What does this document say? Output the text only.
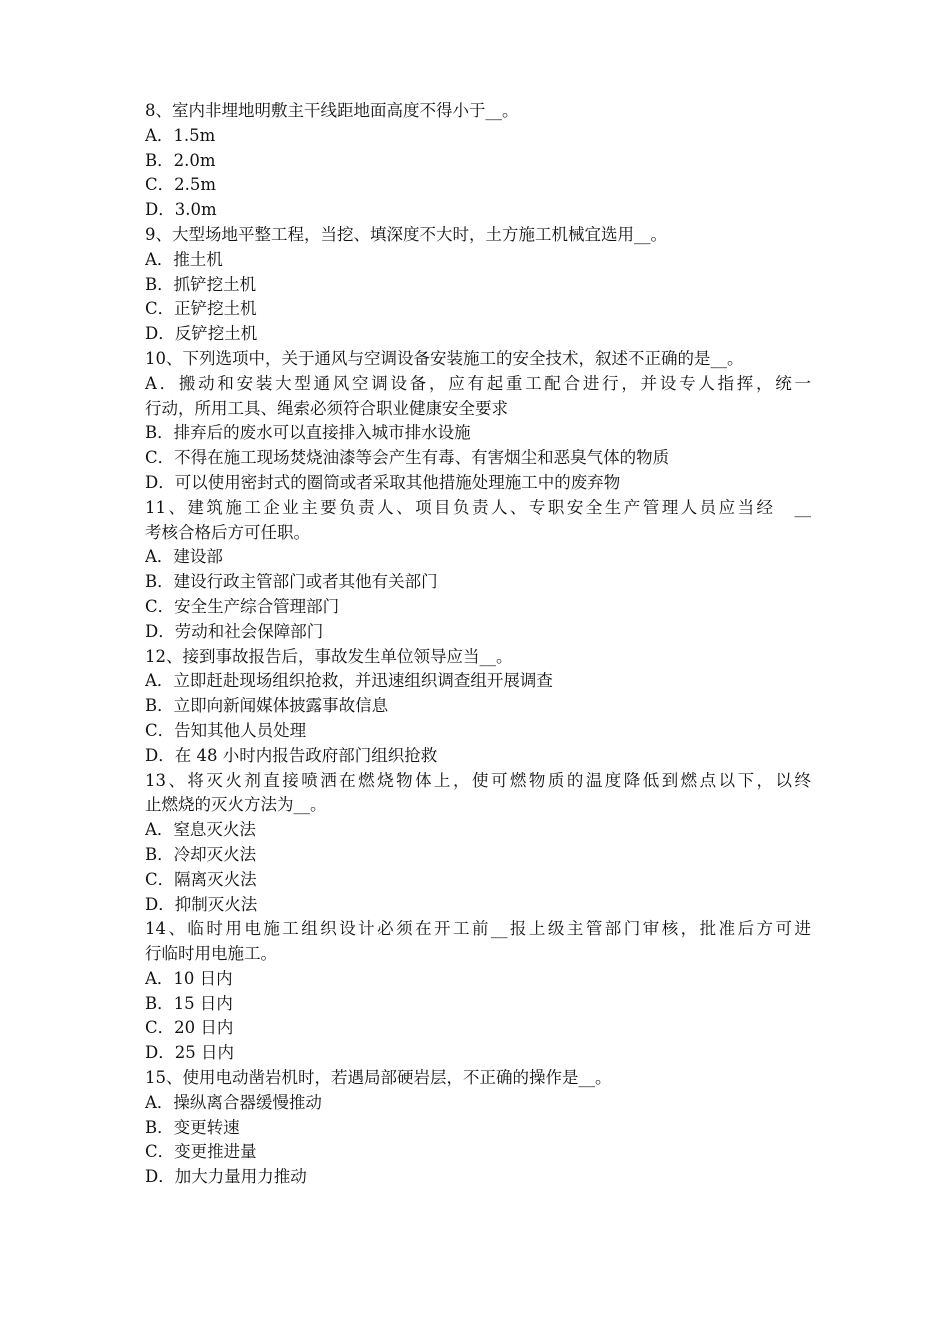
8、室内非埋地明敷主干线距地面高度不得小于__。
A．1.5m
B．2.0m
C．2.5m
D．3.0m
9、大型场地平整工程，当挖、填深度不大时，土方施工机械宜选用__。
A．推土机
B．抓铲挖土机
C．正铲挖土机
D．反铲挖土机
10、下列选项中，关于通风与空调设备安装施工的安全技术，叙述不正确的是__。
A．搬动和安装大型通风空调设备，应有起重工配合进行，并设专人指挥，统一
行动，所用工具、绳索必须符合职业健康安全要求
B．排弃后的废水可以直接排入城市排水设施
C．不得在施工现场焚烧油漆等会产生有毒、有害烟尘和恶臭气体的物质
D．可以使用密封式的圈筒或者采取其他措施处理施工中的废弃物
11、建筑施工企业主要负责人、项目负责人、专职安全生产管理人员应当经　__
考核合格后方可任职。
A．建设部
B．建设行政主管部门或者其他有关部门
C．安全生产综合管理部门
D．劳动和社会保障部门
12、接到事故报告后，事故发生单位领导应当__。
A．立即赶赴现场组织抢救，并迅速组织调查组开展调查
B．立即向新闻媒体披露事故信息
C．告知其他人员处理
D．在 48 小时内报告政府部门组织抢救
13、将灭火剂直接喷洒在燃烧物体上，使可燃物质的温度降低到燃点以下，以终
止燃烧的灭火方法为__。
A．窒息灭火法
B．冷却灭火法
C．隔离灭火法
D．抑制灭火法
14、临时用电施工组织设计必须在开工前__报上级主管部门审核，批准后方可进
行临时用电施工。
A．10 日内
B．15 日内
C．20 日内
D．25 日内
15、使用电动凿岩机时，若遇局部硬岩层，不正确的操作是__。
A．操纵离合器缓慢推动
B．变更转速
C．变更推进量
D．加大力量用力推动
